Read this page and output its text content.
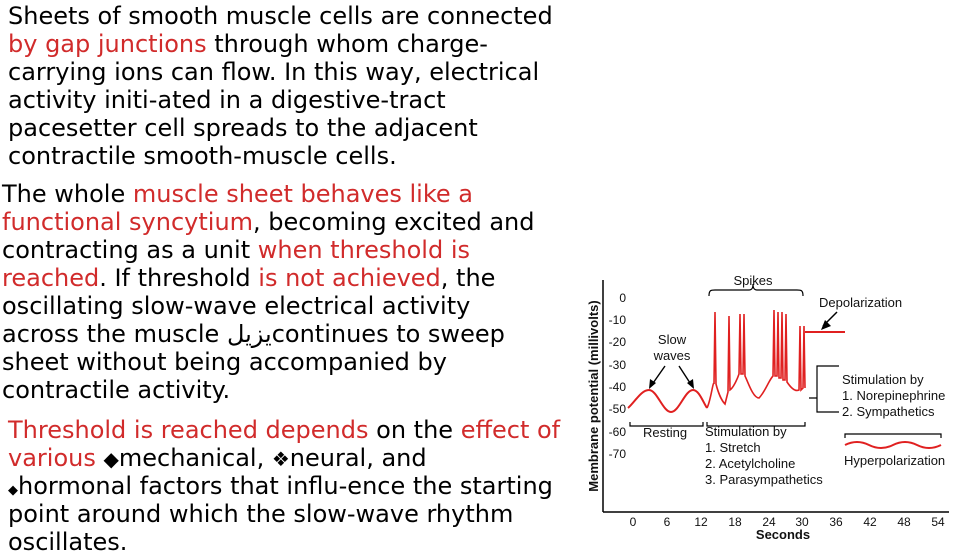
Sheets of smooth muscle cells are connected
by gap junctions through whom charge-
carrying ions can flow. In this way, electrical
activity initi-ated in a digestive-tract
pacesetter cell spreads to the adjacent
contractile smooth-muscle cells.
The whole muscle sheet behaves like a
functional syncytium, becoming excited and
contracting as a unit when threshold is
reached. If threshold is not achieved, the
oscillating slow-wave electrical activity
across the muscle يزيلcontinues to sweep
sheet without being accompanied by
contractile activity.
Threshold is reached depends on the effect of
various ◆mechanical, ❖neural, and
◆hormonal factors that influ-ence the starting
point around which the slow-wave rhythm
oscillates.
Membrane potential (millivolts)
0
-10
-20
-30
-40
-50
-60
-70
0 6 12 18 24 30 36 42 48 54
Seconds
Spikes
Depolarization
Slow
waves
Stimulation by
1. Norepinephrine
2. Sympathetics
Resting Stimulation by
1. Stretch
2. Acetylcholine
3. Parasympathetics
Hyperpolarization
